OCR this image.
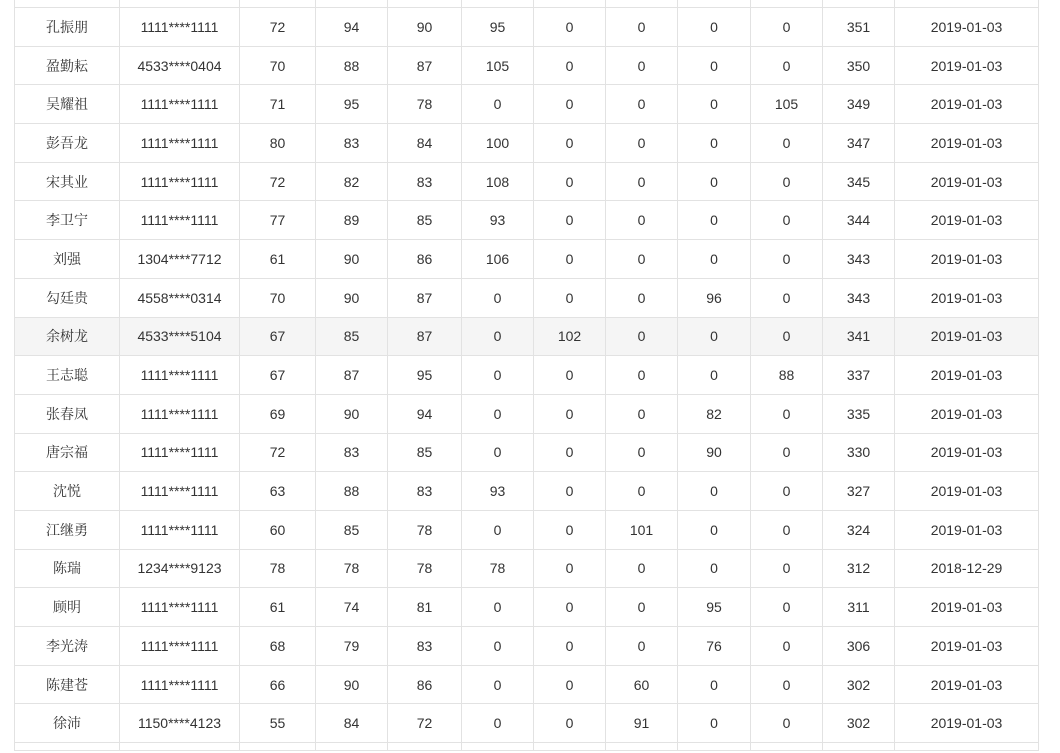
孔振朋	1111****1111	72	94	90	95	0	0	0	0	351	2019-01-03
盈勤耘	4533****0404	70	88	87	105	0	0	0	0	350	2019-01-03
吴耀祖	1111****1111	71	95	78	0	0	0	0	105	349	2019-01-03
彭吾龙	1111****1111	80	83	84	100	0	0	0	0	347	2019-01-03
宋其业	1111****1111	72	82	83	108	0	0	0	0	345	2019-01-03
李卫宁	1111****1111	77	89	85	93	0	0	0	0	344	2019-01-03
刘强	1304****7712	61	90	86	106	0	0	0	0	343	2019-01-03
勾廷贵	4558****0314	70	90	87	0	0	0	96	0	343	2019-01-03
余树龙	4533****5104	67	85	87	0	102	0	0	0	341	2019-01-03
王志聪	1111****1111	67	87	95	0	0	0	0	88	337	2019-01-03
张春凤	1111****1111	69	90	94	0	0	0	82	0	335	2019-01-03
唐宗福	1111****1111	72	83	85	0	0	0	90	0	330	2019-01-03
沈悦	1111****1111	63	88	83	93	0	0	0	0	327	2019-01-03
江继勇	1111****1111	60	85	78	0	0	101	0	0	324	2019-01-03
陈瑞	1234****9123	78	78	78	78	0	0	0	0	312	2018-12-29
顾明	1111****1111	61	74	81	0	0	0	95	0	311	2019-01-03
李光涛	1111****1111	68	79	83	0	0	0	76	0	306	2019-01-03
陈建苍	1111****1111	66	90	86	0	0	60	0	0	302	2019-01-03
徐沛	1150****4123	55	84	72	0	0	91	0	0	302	2019-01-03
